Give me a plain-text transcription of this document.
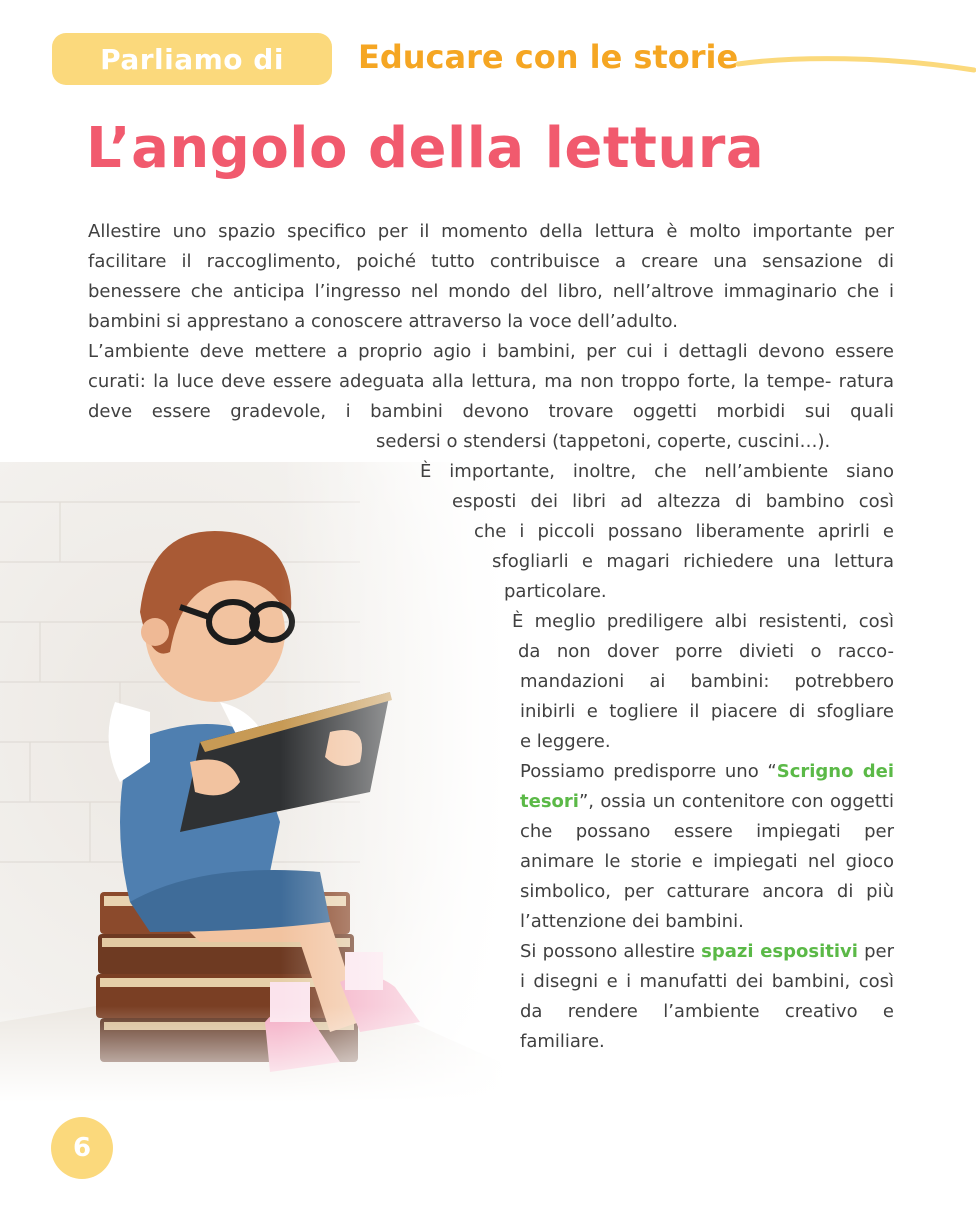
Parliamo di Educare con le storie
L’angolo della lettura

Allestire uno spazio specifico per il momento della lettura è molto importante per facilitare il raccoglimento, poiché tutto contribuisce a creare una sensazione di benessere che anticipa l’ingresso nel mondo del libro, nell’altrove immaginario che i bambini si apprestano a conoscere attraverso la voce dell’adulto.

L’ambiente deve mettere a proprio agio i bambini, per cui i dettagli devono essere curati: la luce deve essere adeguata alla lettura, ma non troppo forte, la tempe- ratura deve essere gradevole, i bambini devono trovare oggetti morbidi sui quali

sedersi o stendersi (tappetoni, coperte, cuscini…).

È importante, inoltre, che nell’ambiente siano

esposti dei libri ad altezza di bambino così

che i piccoli possano liberamente aprirli e

sfogliarli e magari richiedere una lettura

particolare.

È meglio prediligere albi resistenti, così

da non dover porre divieti o racco-

mandazioni ai bambini: potrebbero

inibirli e togliere il piacere di sfogliare

e leggere.

Possiamo predisporre uno “Scrigno dei tesori”, ossia un contenitore con oggetti che possano essere impiegati per animare le storie e impiegati nel gioco simbolico, per catturare ancora di più l’attenzione dei bambini.

Si possono allestire spazi espositivi per i disegni e i manufatti dei bambini, così da rendere l’ambiente creativo e familiare.

6
